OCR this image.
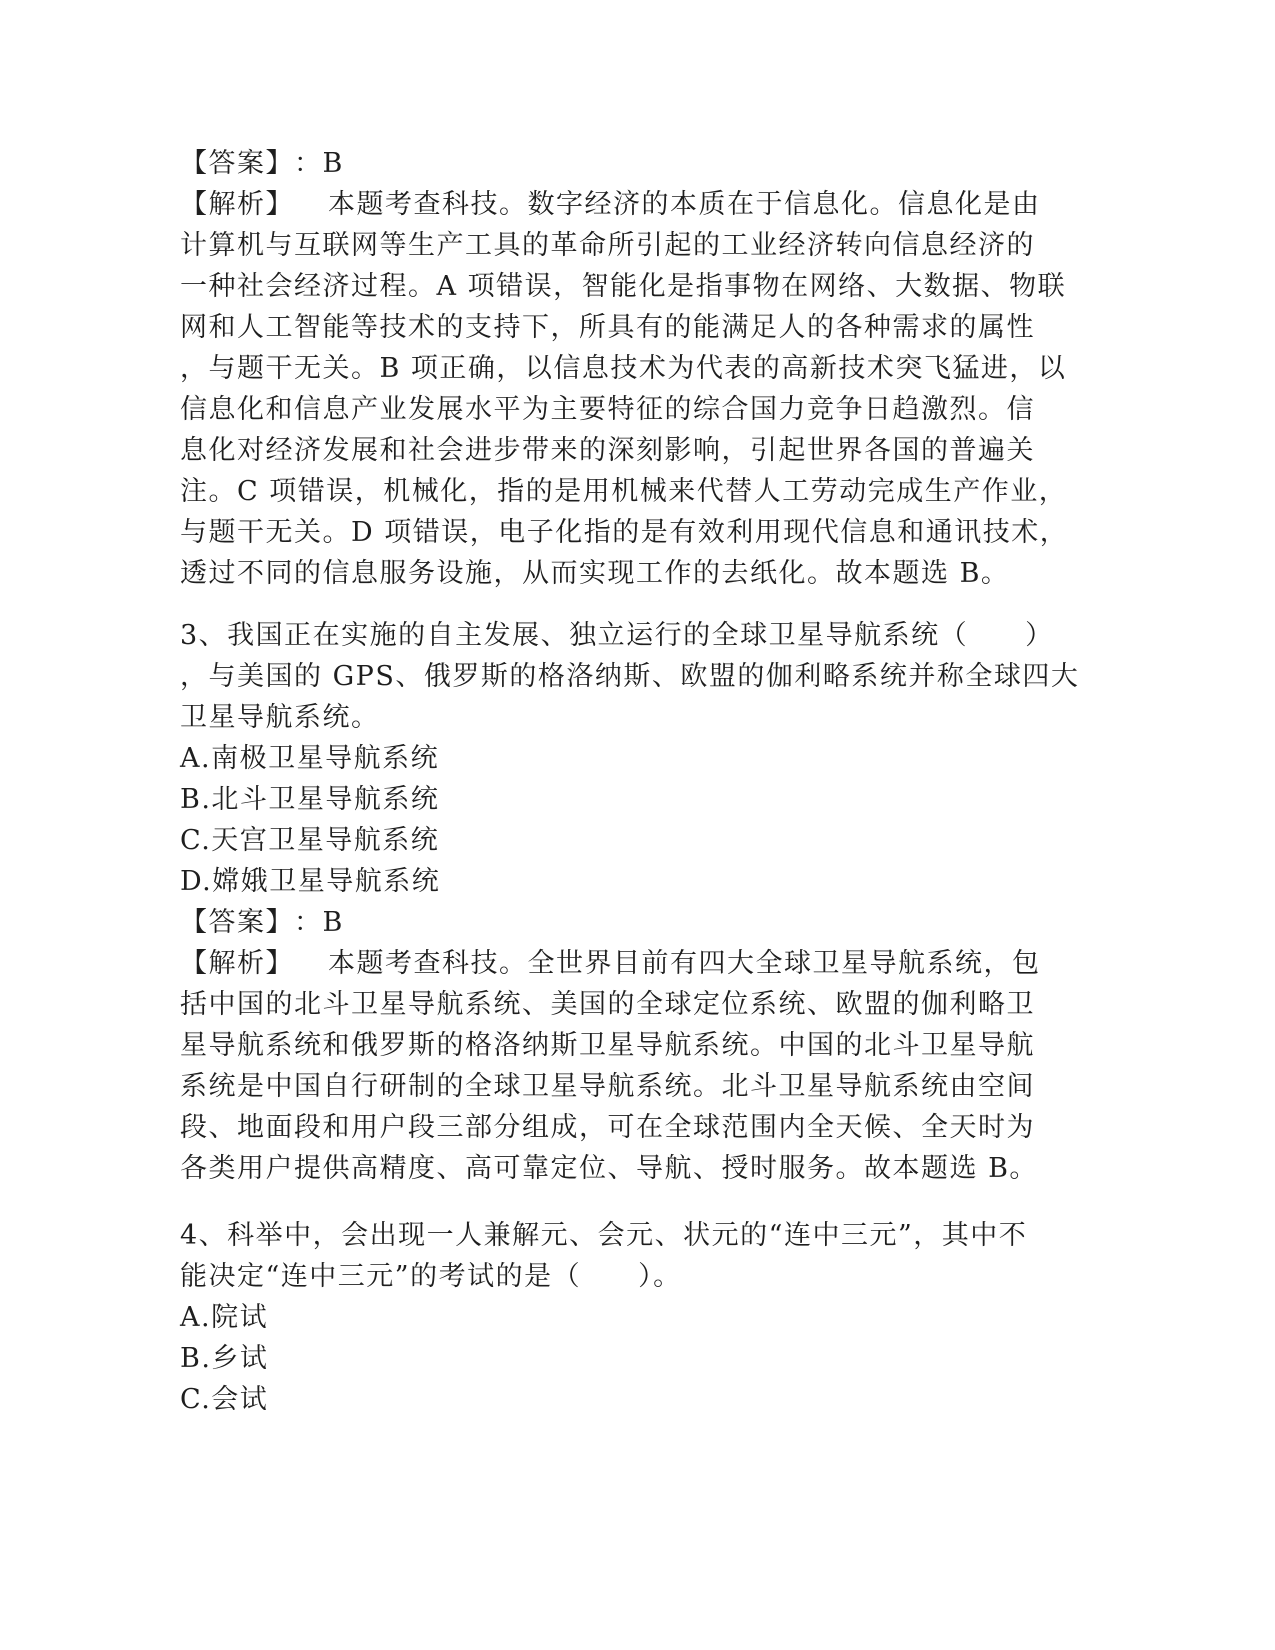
【答案】：B
【解析】 本题考查科技。数字经济的本质在于信息化。信息化是由
计算机与互联网等生产工具的革命所引起的工业经济转向信息经济的
一种社会经济过程。A 项错误，智能化是指事物在网络、大数据、物联
网和人工智能等技术的支持下，所具有的能满足人的各种需求的属性
，与题干无关。B 项正确，以信息技术为代表的高新技术突飞猛进，以
信息化和信息产业发展水平为主要特征的综合国力竞争日趋激烈。信
息化对经济发展和社会进步带来的深刻影响，引起世界各国的普遍关
注。C 项错误，机械化，指的是用机械来代替人工劳动完成生产作业，
与题干无关。D 项错误，电子化指的是有效利用现代信息和通讯技术，
透过不同的信息服务设施，从而实现工作的去纸化。故本题选 B。
3、我国正在实施的自主发展、独立运行的全球卫星导航系统（　　）
，与美国的 GPS、俄罗斯的格洛纳斯、欧盟的伽利略系统并称全球四大
卫星导航系统。
A.南极卫星导航系统
B.北斗卫星导航系统
C.天宫卫星导航系统
D.嫦娥卫星导航系统
【答案】：B
【解析】 本题考查科技。全世界目前有四大全球卫星导航系统，包
括中国的北斗卫星导航系统、美国的全球定位系统、欧盟的伽利略卫
星导航系统和俄罗斯的格洛纳斯卫星导航系统。中国的北斗卫星导航
系统是中国自行研制的全球卫星导航系统。北斗卫星导航系统由空间
段、地面段和用户段三部分组成，可在全球范围内全天候、全天时为
各类用户提供高精度、高可靠定位、导航、授时服务。故本题选 B。
4、科举中，会出现一人兼解元、会元、状元的“连中三元”，其中不
能决定“连中三元”的考试的是（　　）。
A.院试
B.乡试
C.会试
